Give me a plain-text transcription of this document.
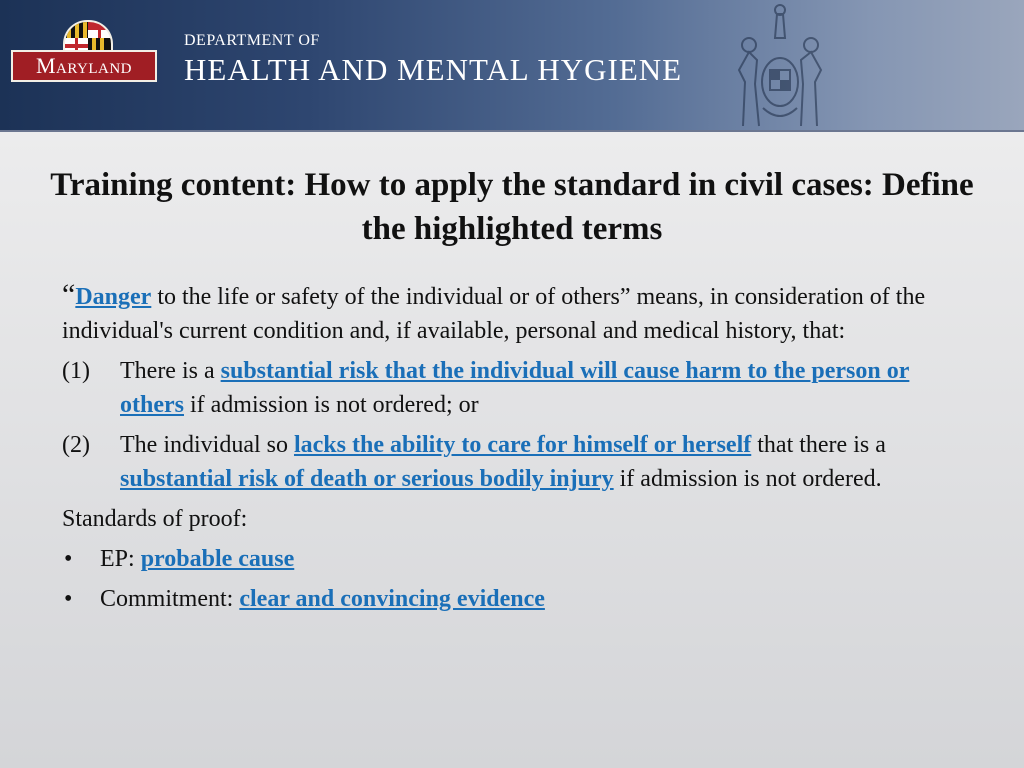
Maryland
DEPARTMENT OF
HEALTH AND MENTAL HYGIENE
Training content: How to apply the standard in civil cases: Define the highlighted terms

“Danger to the life or safety of the individual or of others” means, in consideration of the individual's current condition and, if available, personal and medical history, that:

(1) There is a substantial risk that the individual will cause harm to the person or others if admission is not ordered; or

(2) The individual so lacks the ability to care for himself or herself that there is a substantial risk of death or serious bodily injury if admission is not ordered.

Standards of proof:

• EP: probable cause

• Commitment: clear and convincing evidence
